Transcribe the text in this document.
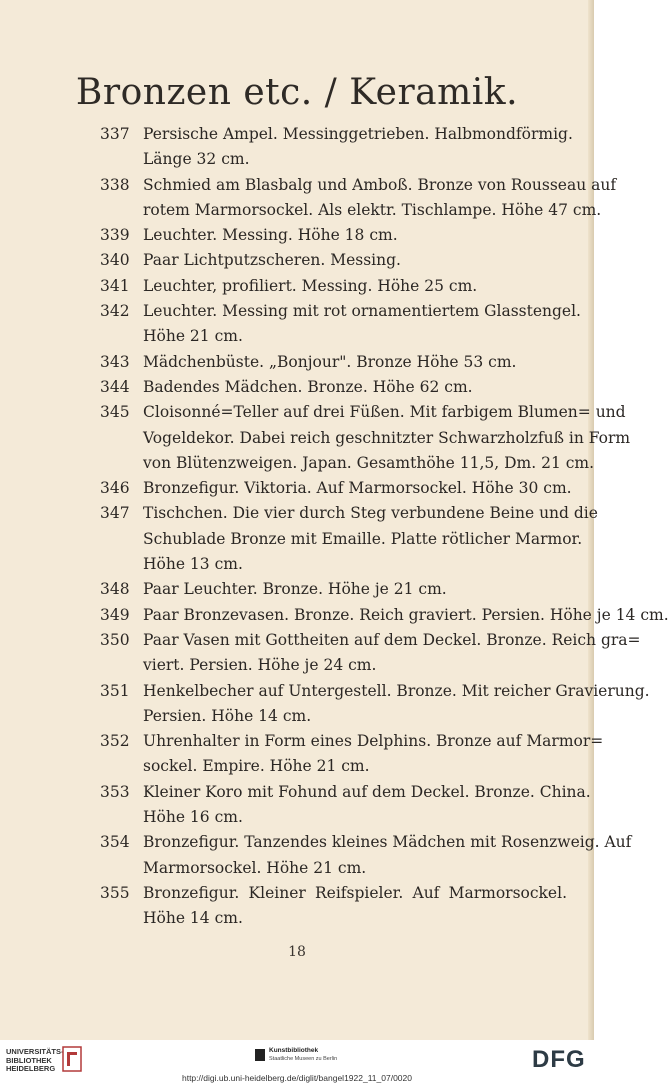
Bronzen etc. / Keramik.
337 Persische Ampel. Messinggetrieben. Halbmondförmig.
Länge 32 cm.
338 Schmied am Blasbalg und Amboß. Bronze von Rousseau auf
rotem Marmorsockel. Als elektr. Tischlampe. Höhe 47 cm.
339 Leuchter. Messing. Höhe 18 cm.
340 Paar Lichtputzscheren. Messing.
341 Leuchter, profiliert. Messing. Höhe 25 cm.
342 Leuchter. Messing mit rot ornamentiertem Glasstengel.
Höhe 21 cm.
343 Mädchenbüste. „Bonjour". Bronze Höhe 53 cm.
344 Badendes Mädchen. Bronze. Höhe 62 cm.
345 Cloisonné=Teller auf drei Füßen. Mit farbigem Blumen= und
Vogeldekor. Dabei reich geschnitzter Schwarzholzfuß in Form
von Blütenzweigen. Japan. Gesamthöhe 11,5, Dm. 21 cm.
346 Bronzefigur. Viktoria. Auf Marmorsockel. Höhe 30 cm.
347 Tischchen. Die vier durch Steg verbundene Beine und die
Schublade Bronze mit Emaille. Platte rötlicher Marmor.
Höhe 13 cm.
348 Paar Leuchter. Bronze. Höhe je 21 cm.
349 Paar Bronzevasen. Bronze. Reich graviert. Persien. Höhe je 14 cm.
350 Paar Vasen mit Gottheiten auf dem Deckel. Bronze. Reich gra=
viert. Persien. Höhe je 24 cm.
351 Henkelbecher auf Untergestell. Bronze. Mit reicher Gravierung.
Persien. Höhe 14 cm.
352 Uhrenhalter in Form eines Delphins. Bronze auf Marmor=
sockel. Empire. Höhe 21 cm.
353 Kleiner Koro mit Fohund auf dem Deckel. Bronze. China.
Höhe 16 cm.
354 Bronzefigur. Tanzendes kleines Mädchen mit Rosenzweig. Auf
Marmorsockel. Höhe 21 cm.
355 Bronzefigur. Kleiner Reifspieler. Auf Marmorsockel.
Höhe 14 cm.
18
UNIVERSITÄTS-
BIBLIOTHEK
HEIDELBERG
Kunstbibliothek
Staatliche Museen zu Berlin	DFG
http://digi.ub.uni-heidelberg.de/diglit/bangel1922_11_07/0020
